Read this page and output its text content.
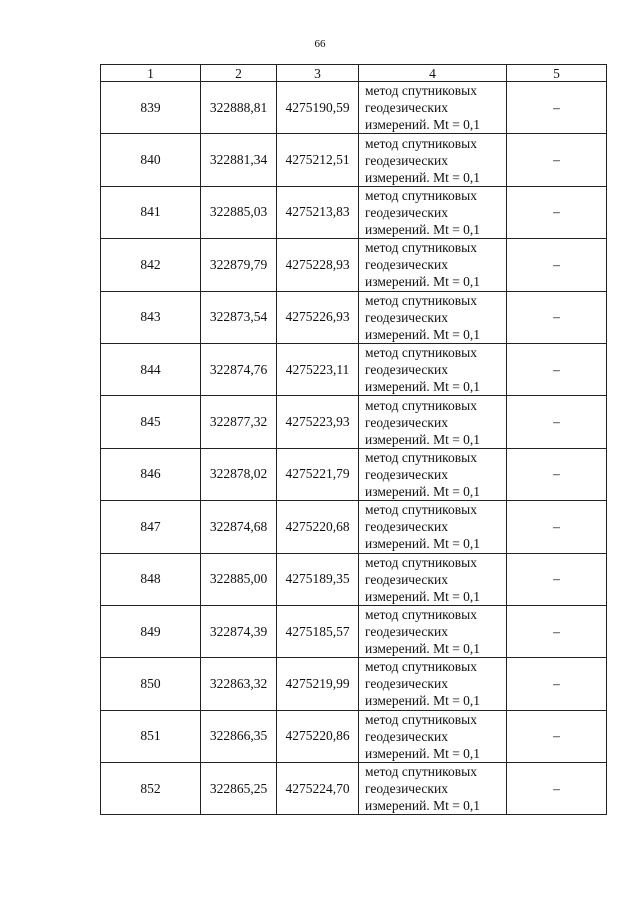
66
1	2	3	4	5
839	322888,81	4275190,59	метод спутниковых
геодезических
измерений. Mt = 0,1	–
840	322881,34	4275212,51	метод спутниковых
геодезических
измерений. Mt = 0,1	–
841	322885,03	4275213,83	метод спутниковых
геодезических
измерений. Mt = 0,1	–
842	322879,79	4275228,93	метод спутниковых
геодезических
измерений. Mt = 0,1	–
843	322873,54	4275226,93	метод спутниковых
геодезических
измерений. Mt = 0,1	–
844	322874,76	4275223,11	метод спутниковых
геодезических
измерений. Mt = 0,1	–
845	322877,32	4275223,93	метод спутниковых
геодезических
измерений. Mt = 0,1	–
846	322878,02	4275221,79	метод спутниковых
геодезических
измерений. Mt = 0,1	–
847	322874,68	4275220,68	метод спутниковых
геодезических
измерений. Mt = 0,1	–
848	322885,00	4275189,35	метод спутниковых
геодезических
измерений. Mt = 0,1	–
849	322874,39	4275185,57	метод спутниковых
геодезических
измерений. Mt = 0,1	–
850	322863,32	4275219,99	метод спутниковых
геодезических
измерений. Mt = 0,1	–
851	322866,35	4275220,86	метод спутниковых
геодезических
измерений. Mt = 0,1	–
852	322865,25	4275224,70	метод спутниковых
геодезических
измерений. Mt = 0,1	–
